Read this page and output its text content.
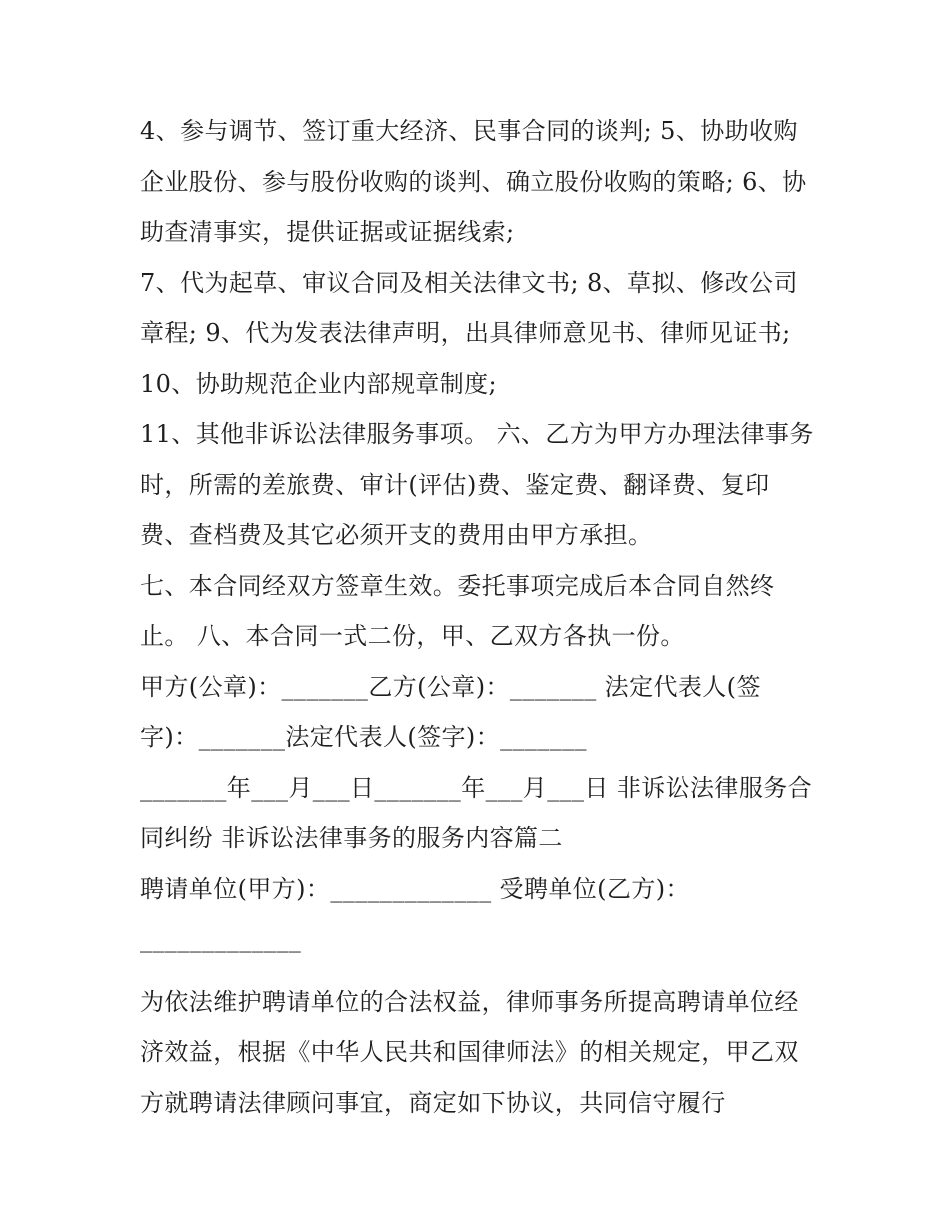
4、参与调节、签订重大经济、民事合同的谈判; 5、协助收购
企业股份、参与股份收购的谈判、确立股份收购的策略; 6、协
助查清事实，提供证据或证据线索;
7、代为起草、审议合同及相关法律文书; 8、草拟、修改公司
章程; 9、代为发表法律声明，出具律师意见书、律师见证书;
10、协助规范企业内部规章制度;
11、其他非诉讼法律服务事项。 六、乙方为甲方办理法律事务
时，所需的差旅费、审计(评估)费、鉴定费、翻译费、复印
费、查档费及其它必须开支的费用由甲方承担。
七、本合同经双方签章生效。委托事项完成后本合同自然终
止。 八、本合同一式二份，甲、乙双方各执一份。
甲方(公章)：_______乙方(公章)：_______ 法定代表人(签
字)：_______法定代表人(签字)：_______
_______年___月___日_______年___月___日 非诉讼法律服务合
同纠纷 非诉讼法律事务的服务内容篇二
聘请单位(甲方)：_____________ 受聘单位(乙方)：
_____________
为依法维护聘请单位的合法权益，律师事务所提高聘请单位经
济效益，根据《中华人民共和国律师法》的相关规定，甲乙双
方就聘请法律顾问事宜，商定如下协议，共同信守履行
